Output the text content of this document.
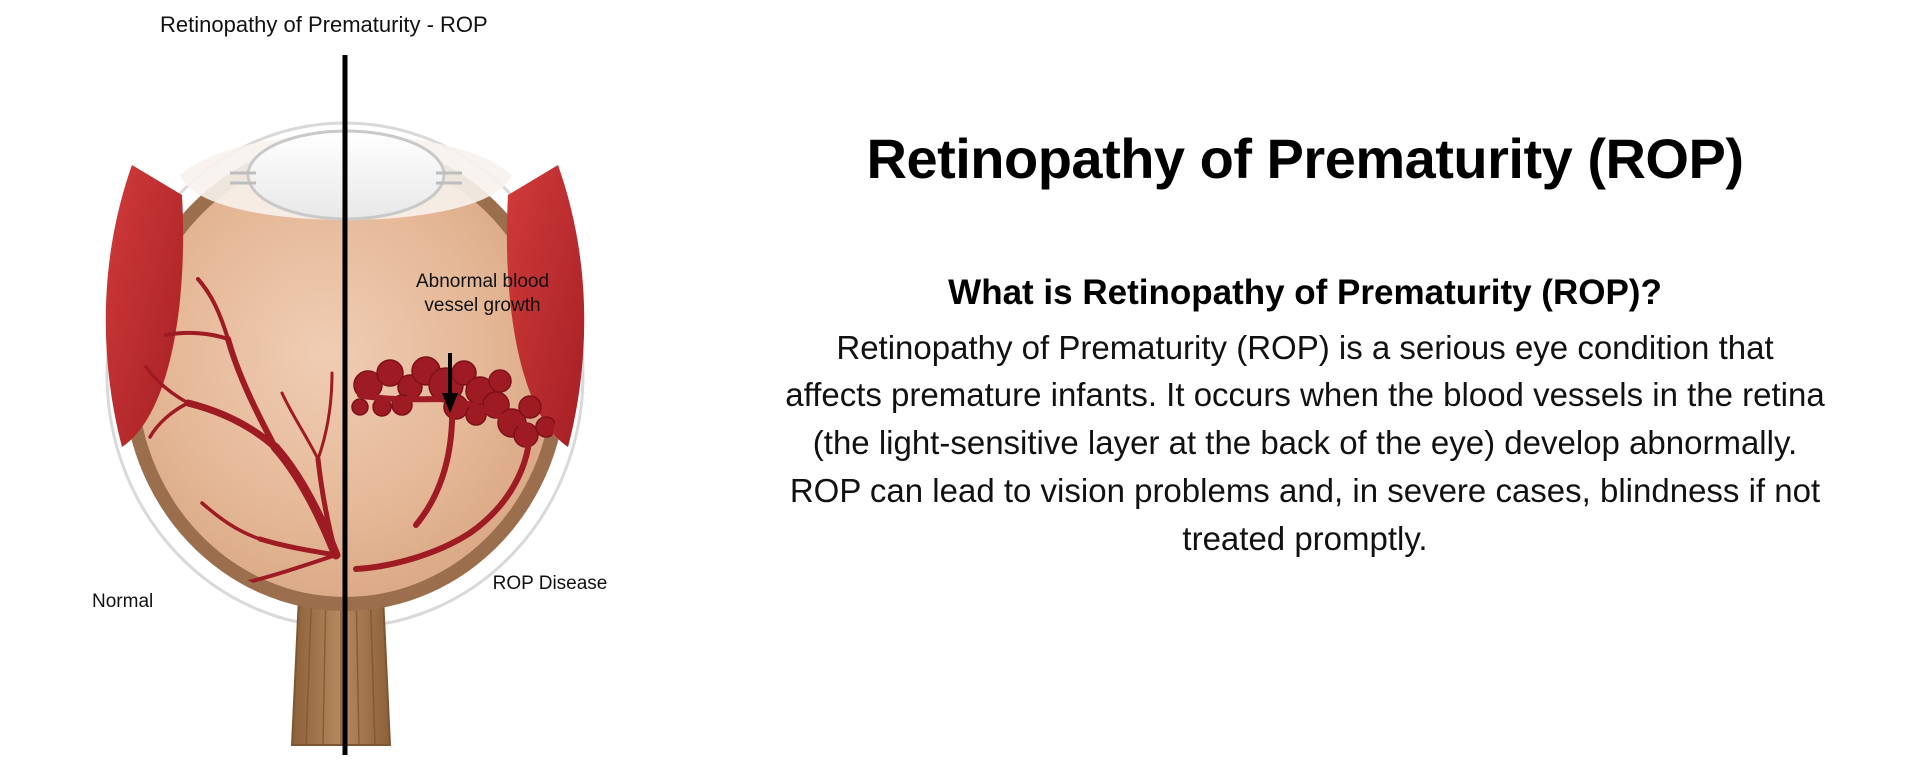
Retinopathy of Prematurity - ROP
Abnormal blood vessel growth
Normal
ROP Disease
Retinopathy of Prematurity (ROP)
What is Retinopathy of Prematurity (ROP)?

Retinopathy of Prematurity (ROP) is a serious eye condition that affects premature infants. It occurs when the blood vessels in the retina (the light-sensitive layer at the back of the eye) develop abnormally. ROP can lead to vision problems and, in severe cases, blindness if not treated promptly.
